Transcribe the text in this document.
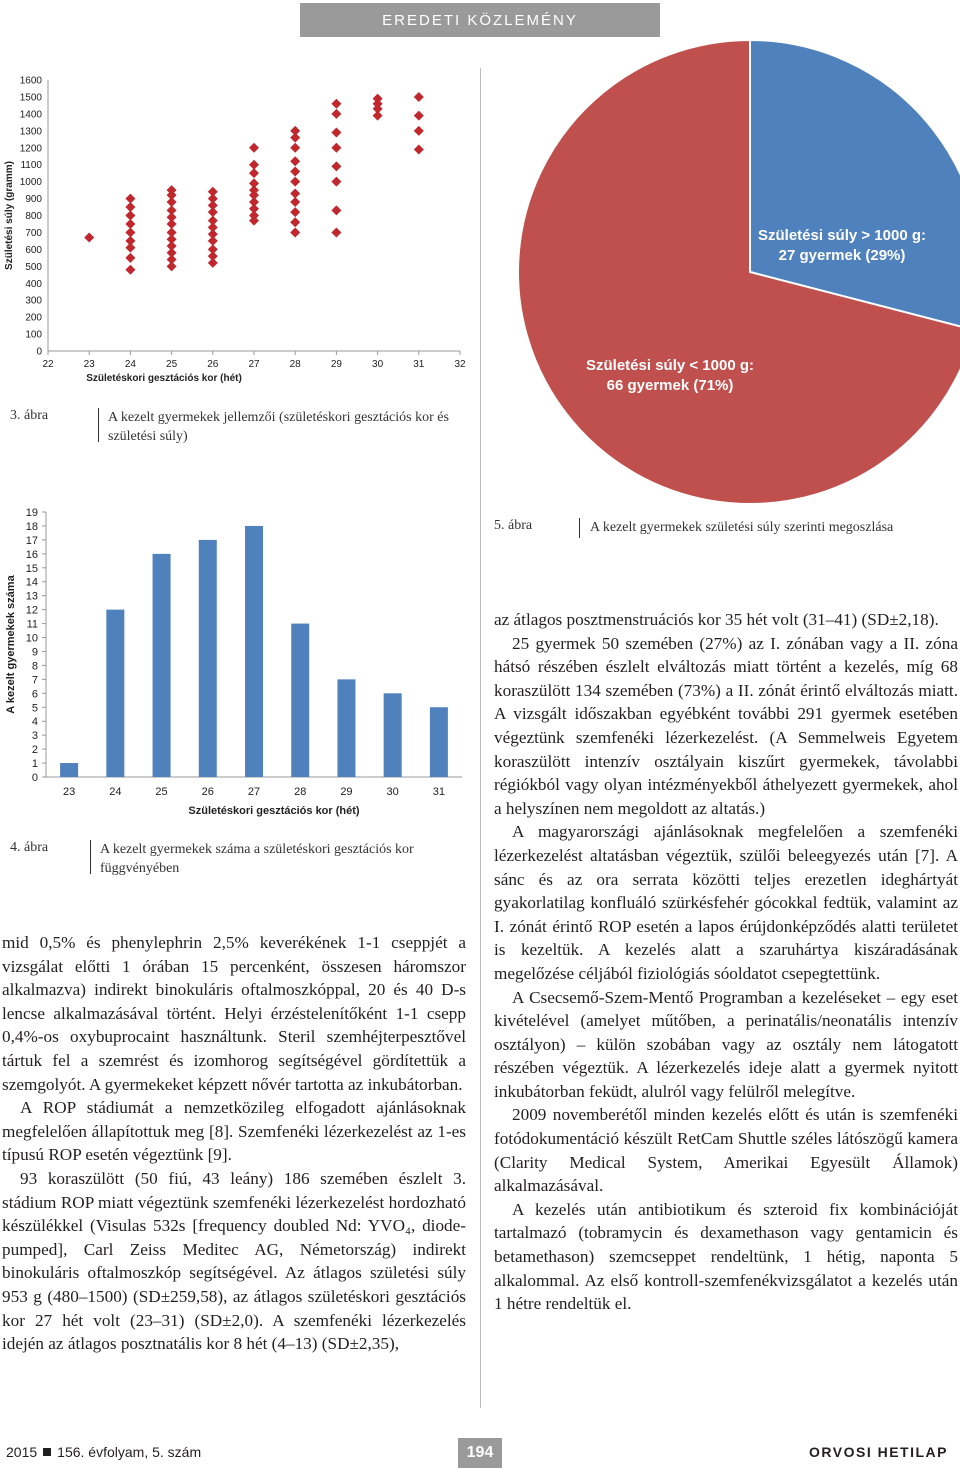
EREDETI KÖZLEMÉNY
0
100
200
300
400
500
600
700
800
900
1000
1100
1200
1300
1400
1500
1600
22	23	24	25	26	27	28	29	30	31	32
Születéskori gesztációs kor (hét)
Születési súly (gramm)
3. ábra	A kezelt gyermekek jellemzői (születéskori gesztációs kor és születési súly)
0
1
2
3
4
5
6
7
8
9
10
11
12
13
14
15
16
17
18
19
23	24	25	26	27	28	29	30	31
Születéskori gesztációs kor (hét)
A kezelt gyermekek száma
4. ábra	A kezelt gyermekek száma a születéskori gesztációs kor függvényében
Születési súly > 1000 g:
27 gyermek (29%)
Születési súly < 1000 g:
66 gyermek (71%)
5. ábra	A kezelt gyermekek születési súly szerinti megoszlása

mid 0,5% és phenylephrin 2,5% keverékének 1-1 cseppjét a vizsgálat előtti 1 órában 15 percenként, összesen háromszor alkalmazva) indirekt binokuláris oftalmoszkóppal, 20 és 40 D-s lencse alkalmazásával történt. Helyi érzéstelenítőként 1-1 csepp 0,4%-os oxybuprocaint használtunk. Steril szemhéjterpesztővel tártuk fel a szemrést és izomhorog segítségével gördítettük a szemgolyót. A gyermekeket képzett nővér tartotta az inkubátorban.

A ROP stádiumát a nemzetközileg elfogadott ajánlásoknak megfelelően állapítottuk meg [8]. Szemfenéki lézerkezelést az 1-es típusú ROP esetén végeztünk [9].

93 koraszülött (50 fiú, 43 leány) 186 szemében észlelt 3. stádium ROP miatt végeztünk szemfenéki lézerkezelést hordozható készülékkel (Visulas 532s [frequency doubled Nd: YVO₄, diode-pumped], Carl Zeiss Meditec AG, Németország) indirekt binokuláris oftalmoszkóp segítségével. Az átlagos születési súly 953 g (480–1500) (SD±259,58), az átlagos születéskori gesztációs kor 27 hét volt (23–31) (SD±2,0). A szemfenéki lézerkezelés idején az átlagos posztnatális kor 8 hét (4–13) (SD±2,35),

az átlagos posztmenstruációs kor 35 hét volt (31–41) (SD±2,18).

25 gyermek 50 szemében (27%) az I. zónában vagy a II. zóna hátsó részében észlelt elváltozás miatt történt a kezelés, míg 68 koraszülött 134 szemében (73%) a II. zónát érintő elváltozás miatt. A vizsgált időszakban egyébként további 291 gyermek esetében végeztünk szemfenéki lézerkezelést. (A Semmelweis Egyetem koraszülött intenzív osztályain kiszűrt gyermekek, távolabbi régiókból vagy olyan intézményekből áthelyezett gyermekek, ahol a helyszínen nem megoldott az altatás.)

A magyarországi ajánlásoknak megfelelően a szemfenéki lézerkezelést altatásban végeztük, szülői beleegyezés után [7]. A sánc és az ora serrata közötti teljes erezetlen ideghártyát gyakorlatilag konfluáló szürkésfehér gócokkal fedtük, valamint az I. zónát érintő ROP esetén a lapos érújdonképződés alatti területet is kezeltük. A kezelés alatt a szaruhártya kiszáradásának megelőzése céljából fiziológiás sóoldatot csepegtettünk.

A Csecsemő-Szem-Mentő Programban a kezeléseket – egy eset kivételével (amelyet műtőben, a perinatális/neonatális intenzív osztályon) – külön szobában vagy az osztály nem látogatott részében végeztük. A lézerkezelés ideje alatt a gyermek nyitott inkubátorban feküdt, alulról vagy felülről melegítve.

2009 novemberétől minden kezelés előtt és után is szemfenéki fotódokumentáció készült RetCam Shuttle széles látószögű kamera (Clarity Medical System, Amerikai Egyesült Államok) alkalmazásával.

A kezelés után antibiotikum és szteroid fix kombinációját tartalmazó (tobramycin és dexamethason vagy gentamicin és betamethason) szemcseppet rendeltünk, 1 hétig, naponta 5 alkalommal. Az első kontroll-szemfenékvizsgálatot a kezelés után 1 hétre rendeltük el.

2015 156. évfolyam, 5. szám	194	ORVOSI HETILAP
